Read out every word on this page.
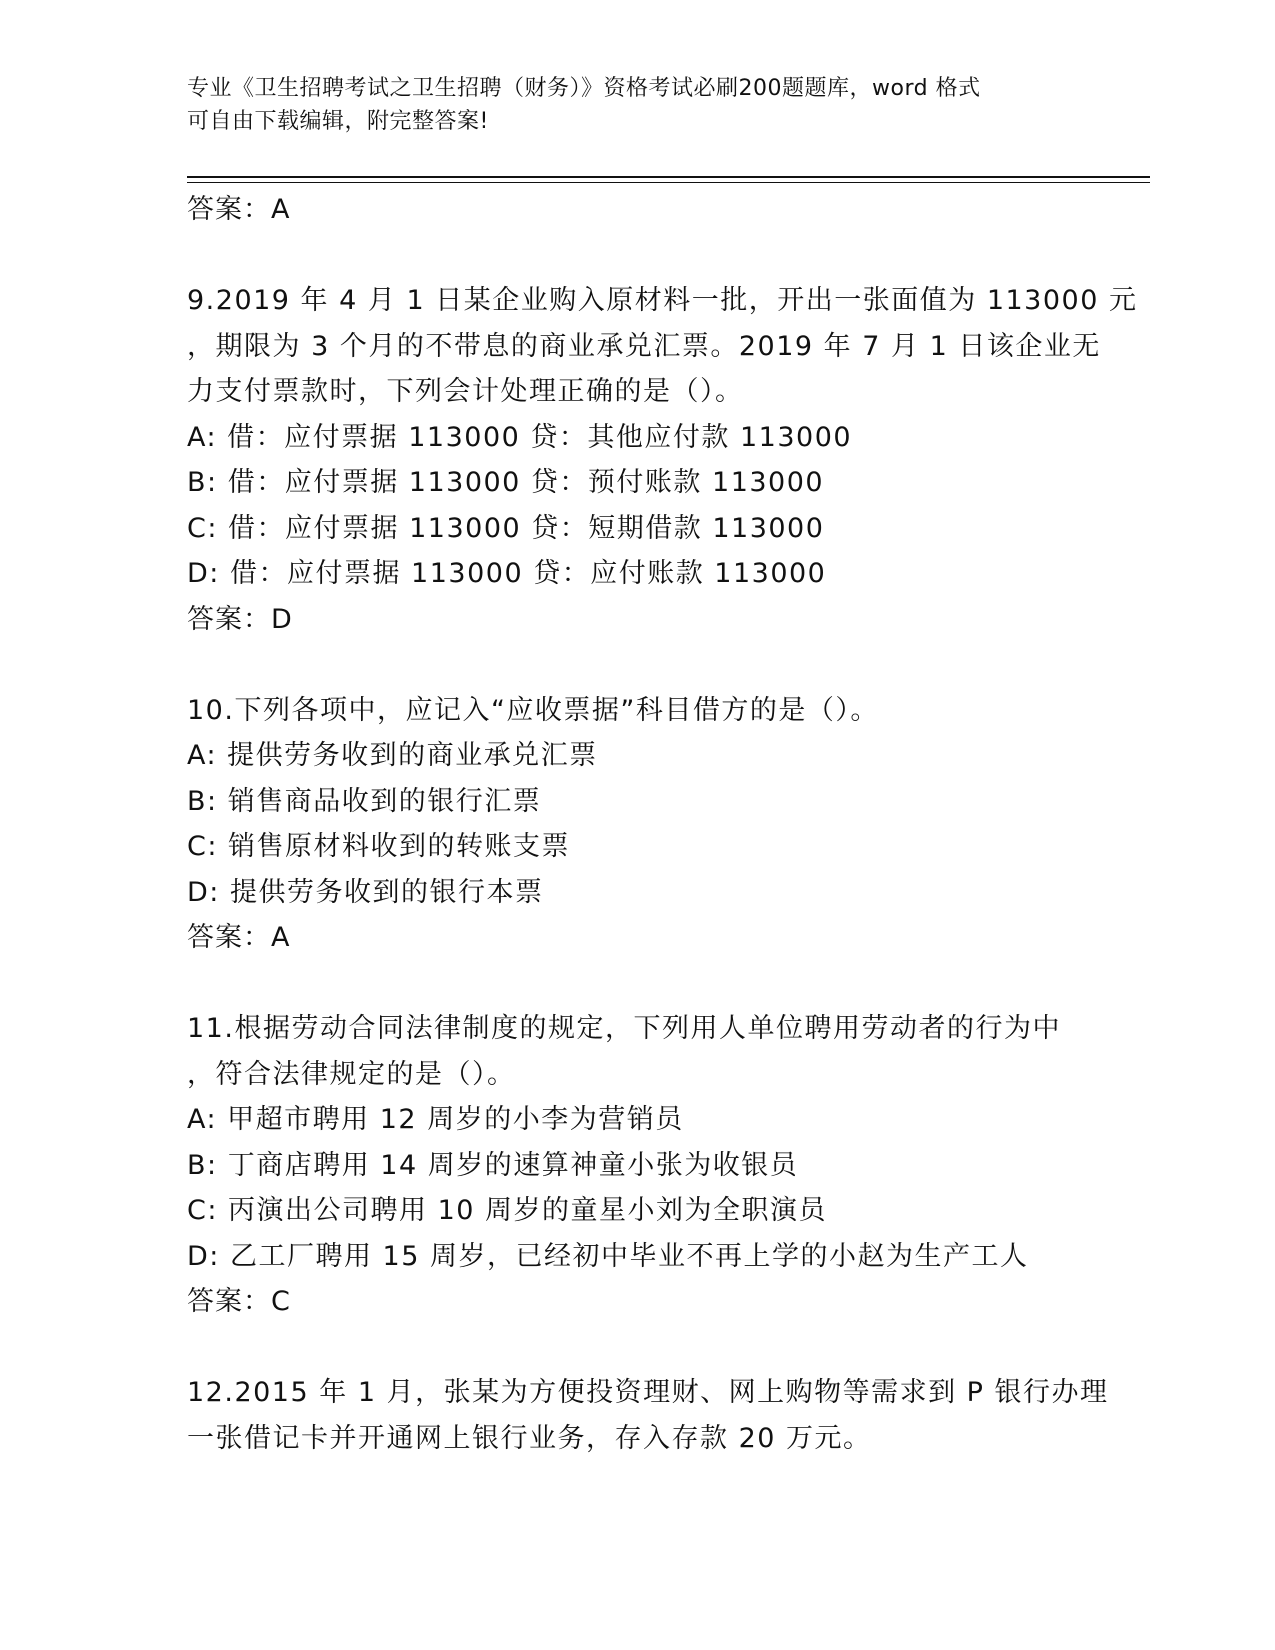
专业《卫生招聘考试之卫生招聘（财务）》资格考试必刷200题题库，word 格式
可自由下载编辑，附完整答案!
答案：A
9.2019 年 4 月 1 日某企业购入原材料一批，开出一张面值为 113000 元
，期限为 3 个月的不带息的商业承兑汇票。2019 年 7 月 1 日该企业无
力支付票款时，下列会计处理正确的是（）。
A: 借：应付票据 113000 贷：其他应付款 113000
B: 借：应付票据 113000 贷：预付账款 113000
C: 借：应付票据 113000 贷：短期借款 113000
D: 借：应付票据 113000 贷：应付账款 113000
答案：D
10.下列各项中，应记入“应收票据”科目借方的是（）。
A: 提供劳务收到的商业承兑汇票
B: 销售商品收到的银行汇票
C: 销售原材料收到的转账支票
D: 提供劳务收到的银行本票
答案：A
11.根据劳动合同法律制度的规定，下列用人单位聘用劳动者的行为中
，符合法律规定的是（）。
A: 甲超市聘用 12 周岁的小李为营销员
B: 丁商店聘用 14 周岁的速算神童小张为收银员
C: 丙演出公司聘用 10 周岁的童星小刘为全职演员
D: 乙工厂聘用 15 周岁，已经初中毕业不再上学的小赵为生产工人
答案：C
12.2015 年 1 月，张某为方便投资理财、网上购物等需求到 P 银行办理
一张借记卡并开通网上银行业务，存入存款 20 万元。
